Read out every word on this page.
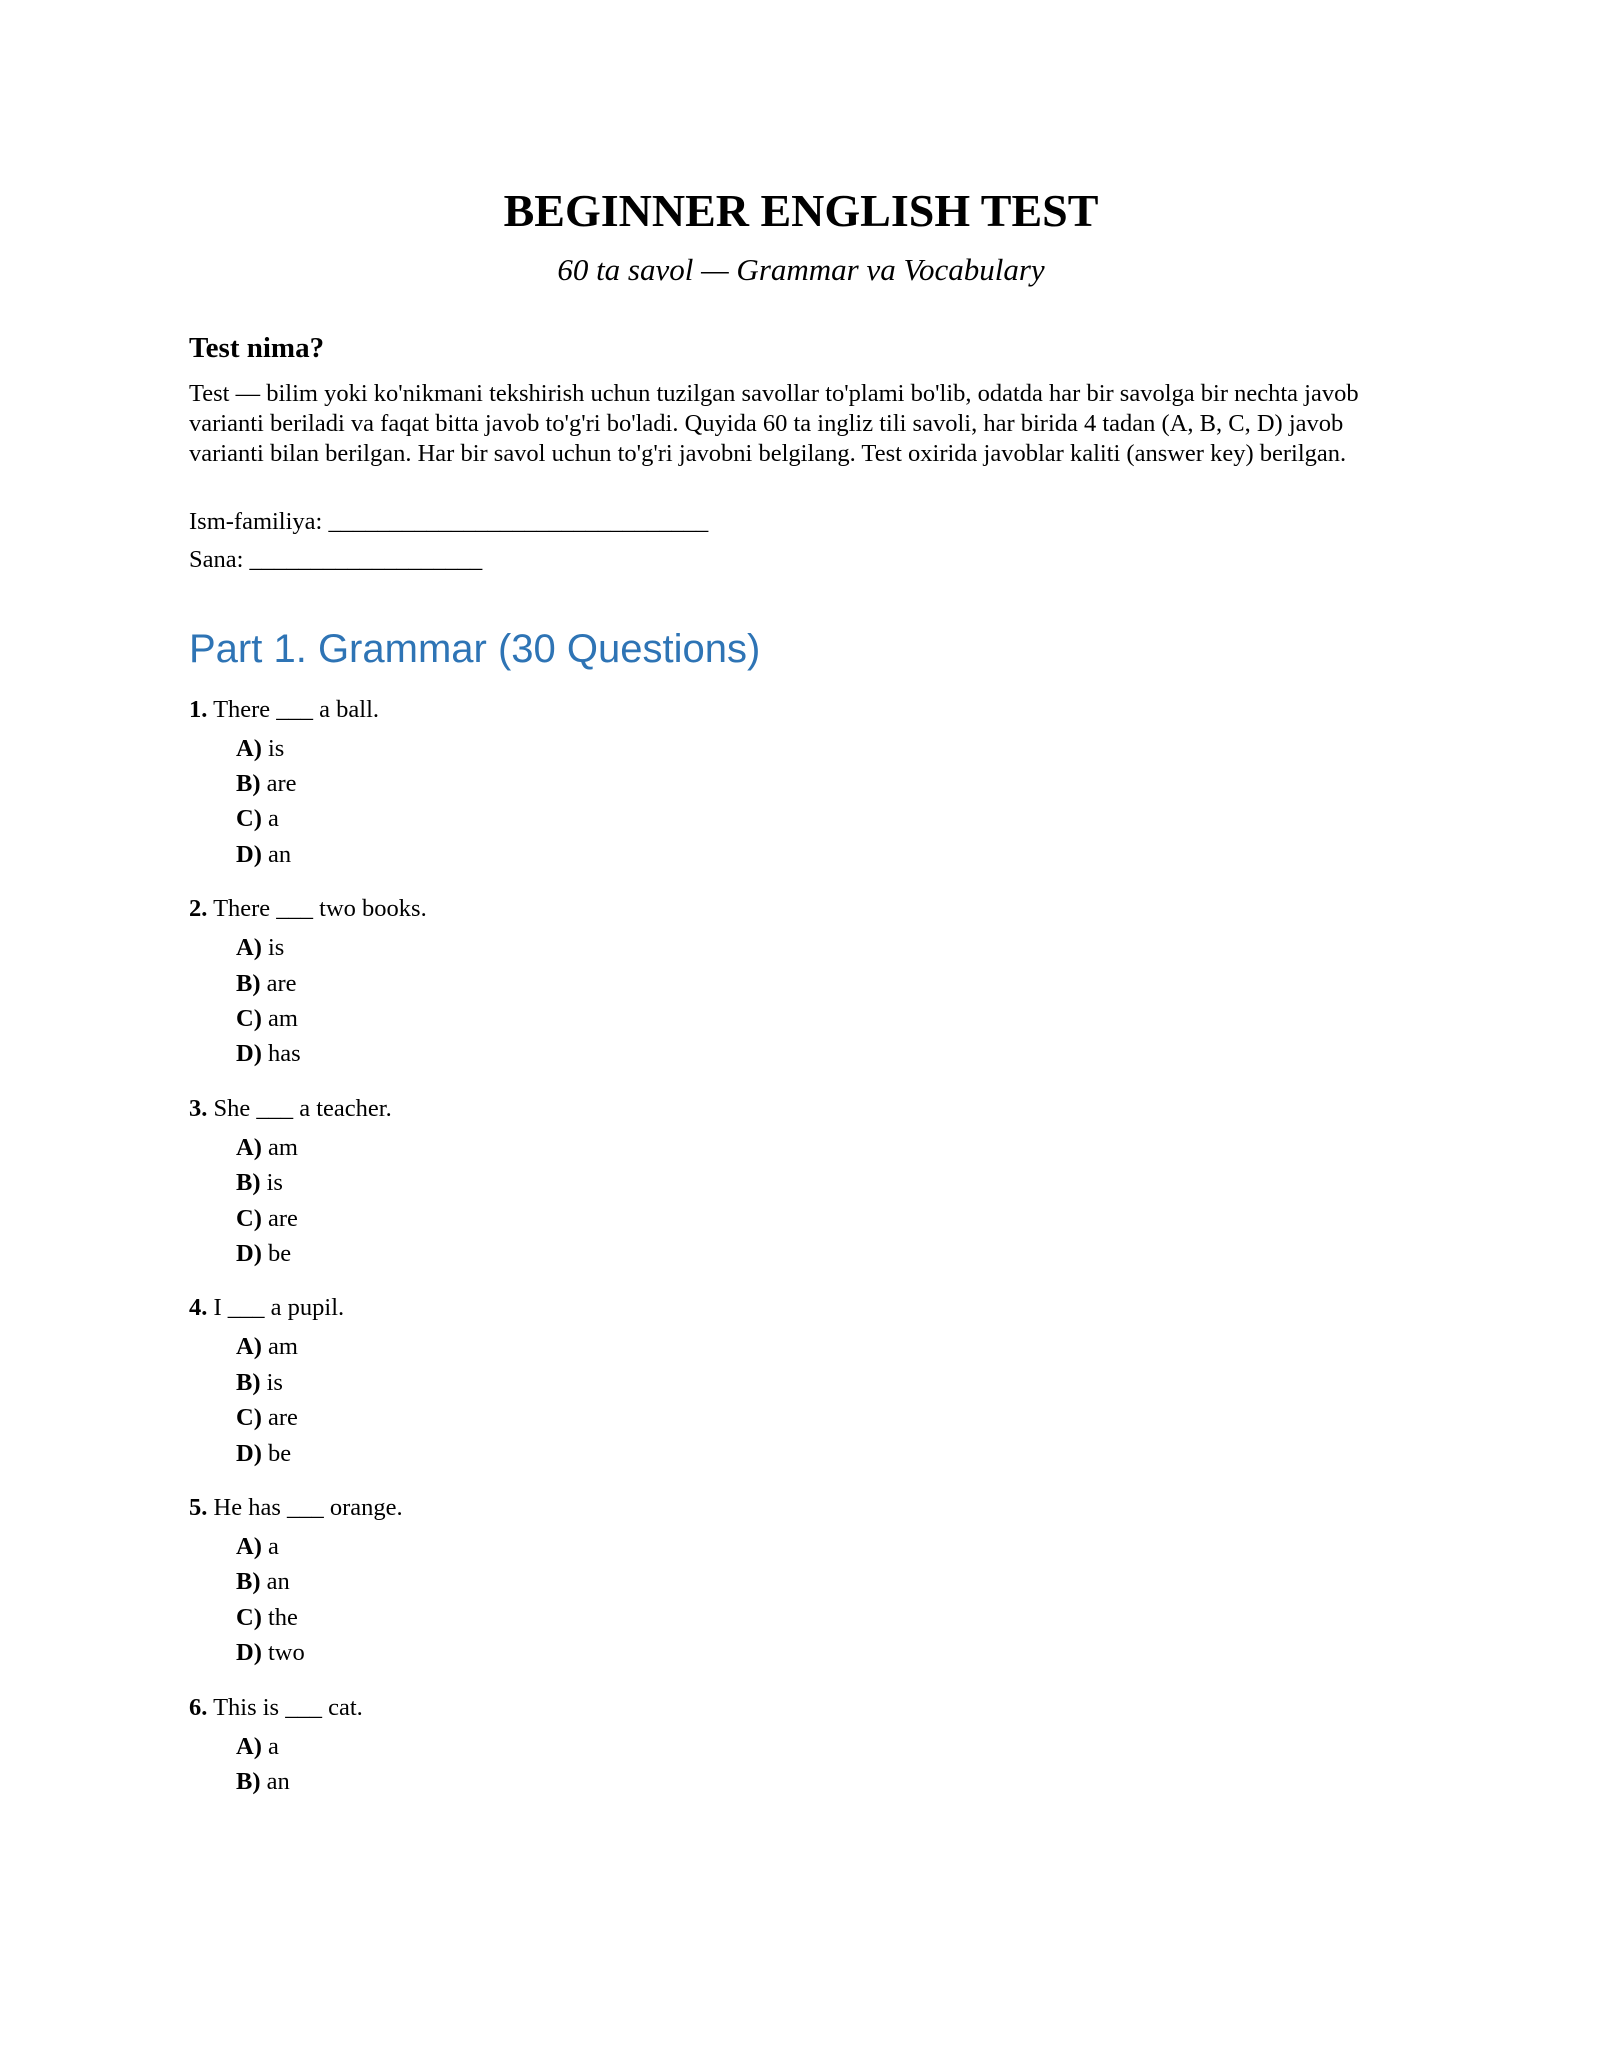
BEGINNER ENGLISH TEST

60 ta savol — Grammar va Vocabulary

Test nima?

Test — bilim yoki ko'nikmani tekshirish uchun tuzilgan savollar to'plami bo'lib, odatda har bir savolga bir nechta javob varianti beriladi va faqat bitta javob to'g'ri bo'ladi. Quyida 60 ta ingliz tili savoli, har birida 4 tadan (A, B, C, D) javob varianti bilan berilgan. Har bir savol uchun to'g'ri javobni belgilang. Test oxirida javoblar kaliti (answer key) berilgan.

Ism-familiya: _______________________________
Sana: ___________________
Part 1. Grammar (30 Questions)
1. There ___ a ball.
A) is
B) are
C) a
D) an
2. There ___ two books.
A) is
B) are
C) am
D) has
3. She ___ a teacher.
A) am
B) is
C) are
D) be
4. I ___ a pupil.
A) am
B) is
C) are
D) be
5. He has ___ orange.
A) a
B) an
C) the
D) two
6. This is ___ cat.
A) a
B) an
